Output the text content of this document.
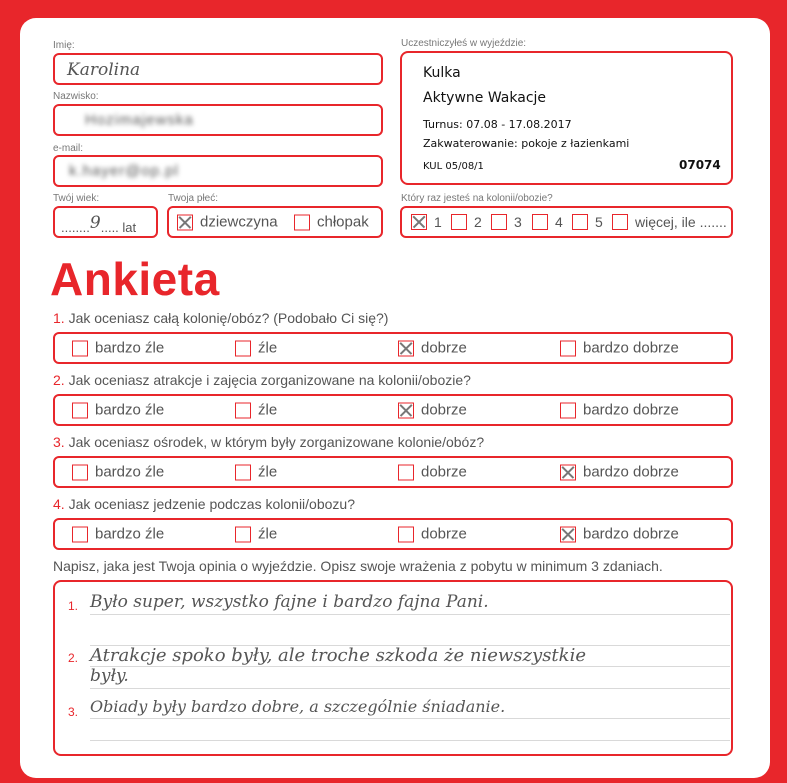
Imię:
Karolina
Nazwisko:
Hozimajewska
e-mail:
k.hayer@op.pl
Twój wiek:
........9..... lat
Twoja płeć:
dziewczyna	chłopak
Uczestniczyłeś w wyjeździe:
Kulka
Aktywne Wakacje
Turnus: 07.08 - 17.08.2017
Zakwaterowanie: pokoje z łazienkami
KUL 05/08/1	07074
Który raz jesteś na kolonii/obozie?
1 2 3 4 5 więcej, ile .......
Ankieta
1. Jak oceniasz całą kolonię/obóz? (Podobało Ci się?)
bardzo źle	źle	dobrze	bardzo dobrze
2. Jak oceniasz atrakcje i zajęcia zorganizowane na kolonii/obozie?
bardzo źle	źle	dobrze	bardzo dobrze
3. Jak oceniasz ośrodek, w którym były zorganizowane kolonie/obóz?
bardzo źle	źle	dobrze	bardzo dobrze
4. Jak oceniasz jedzenie podczas kolonii/obozu?
bardzo źle	źle	dobrze	bardzo dobrze
Napisz, jaka jest Twoja opinia o wyjeździe. Opisz swoje wrażenia z pobytu w minimum 3 zdaniach.
1. Było super, wszystko fajne i bardzo fajna Pani.
2. Atrakcje spoko były, ale troche szkoda że niewszystkie
były.
3. Obiady były bardzo dobre, a szczególnie śniadanie.
